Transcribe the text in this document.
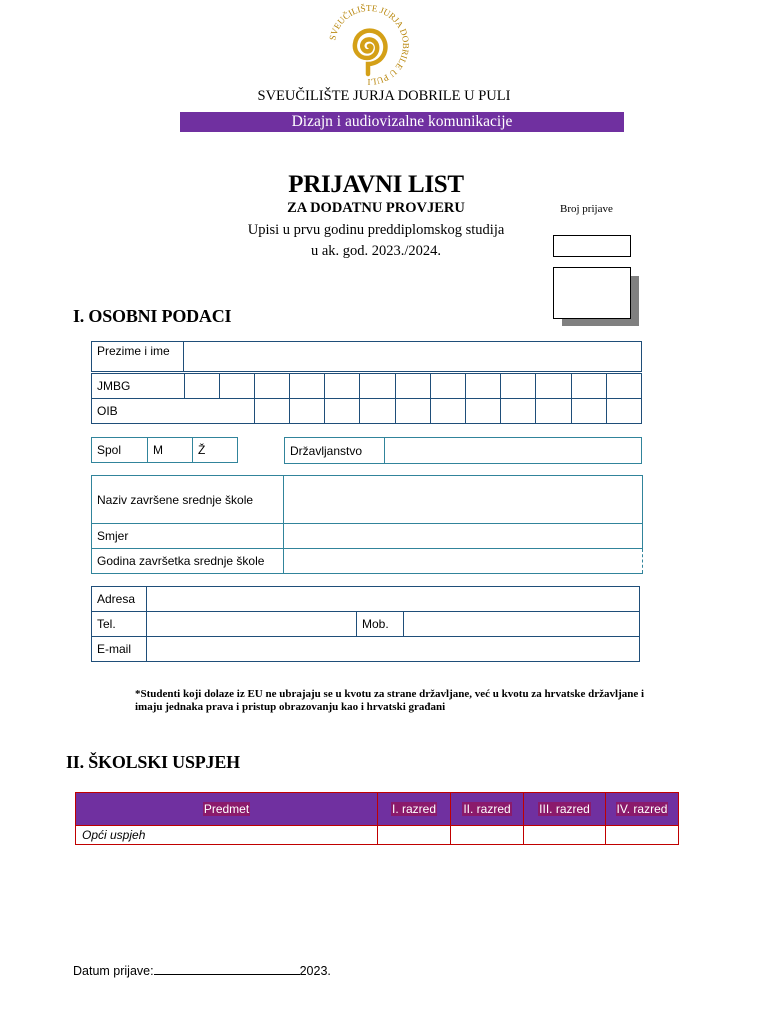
SVEUČILIŠTE JURJA DOBRILE U PULI
SVEUČILIŠTE JURJA DOBRILE U PULI
Dizajn i audiovizalne komunikacije
PRIJAVNI LIST
ZA DODATNU PROVJERU
Upisi u prvu godinu preddiplomskog studija
u ak. god. 2023./2024.
Broj prijave
I. OSOBNI PODACI
Prezime i ime	
JMBG													
OIB													
Spol	M	Ž	Državljanstvo	
Naziv završene srednje škole	
Smjer	
Godina završetka srednje škole	
Adresa			
Tel.		Mob.	
E-mail			
*Studenti koji dolaze iz EU ne ubrajaju se u kvotu za strane državljane, već u kvotu za hrvatske državljane i imaju jednaka prava i pristup obrazovanju kao i hrvatski građani
II. ŠKOLSKI USPJEH
Predmet	I. razred	II. razred	III. razred	IV. razred
Opći uspjeh				
Datum prijave:	2023.
